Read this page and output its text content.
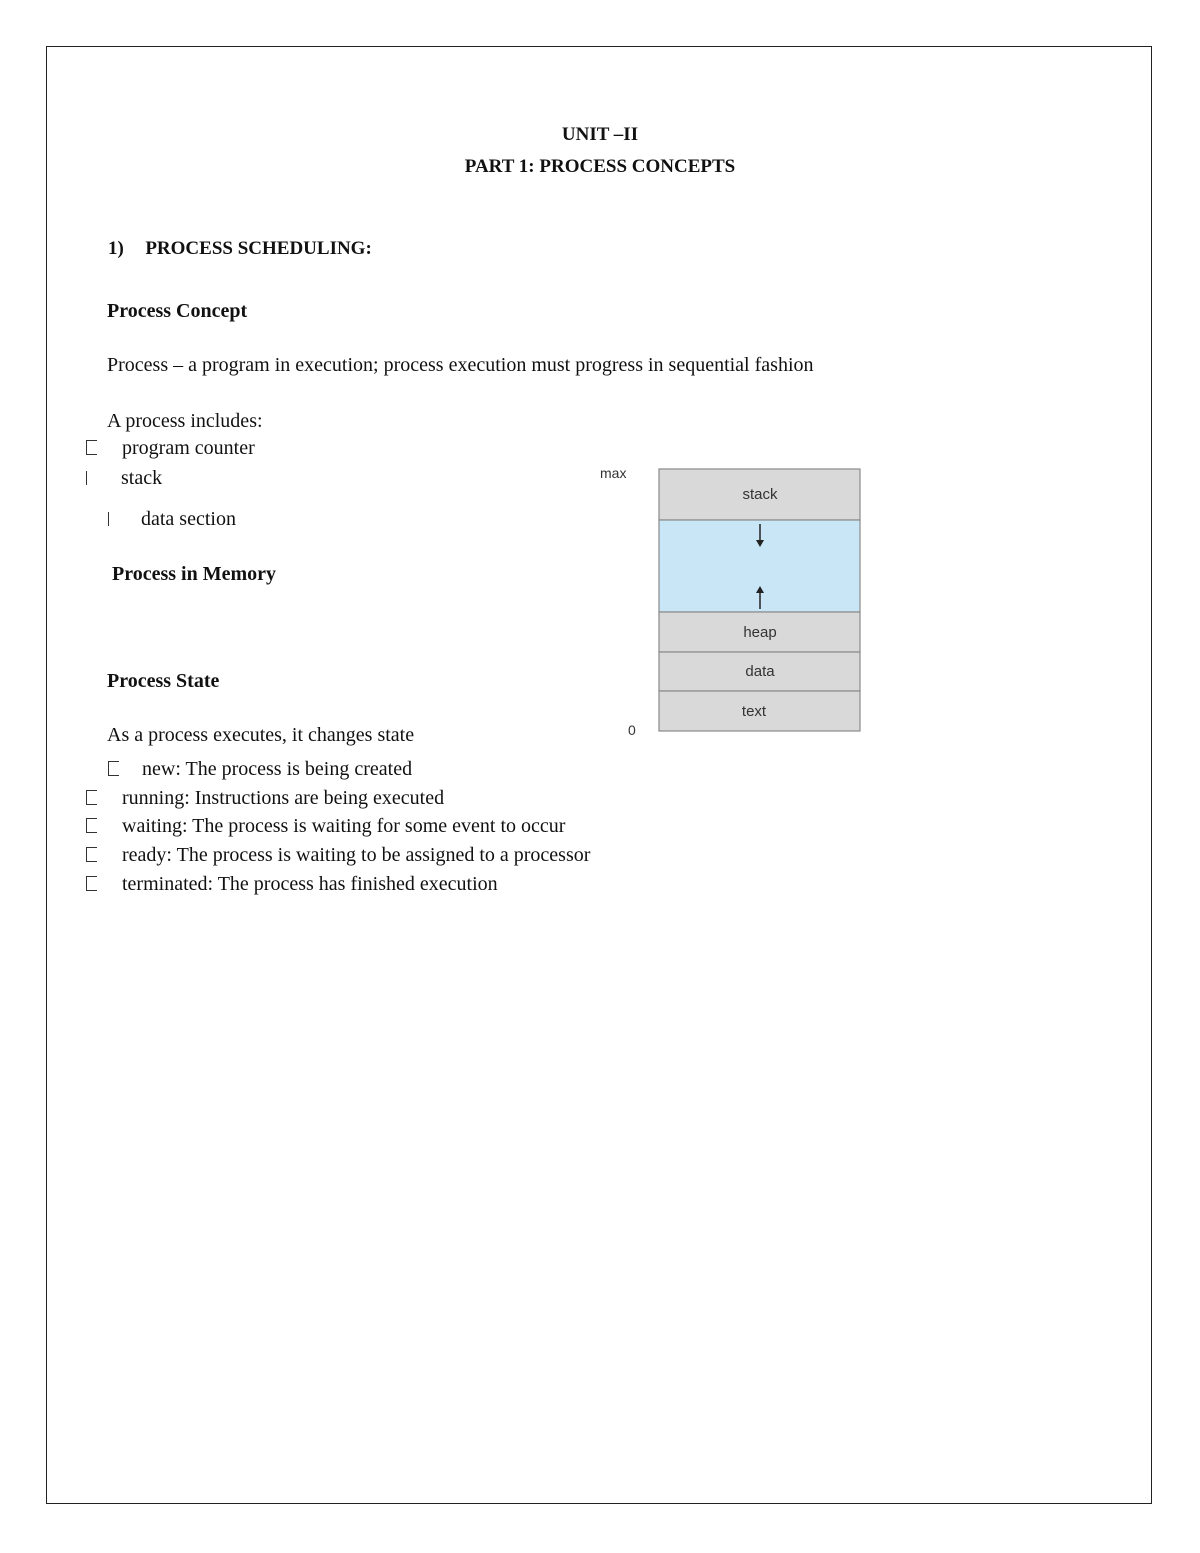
UNIT –II
PART 1: PROCESS CONCEPTS
1) PROCESS SCHEDULING:
Process Concept
Process – a program in execution; process execution must progress in sequential fashion
A process includes:
program counter
stack
data section
Process in Memory
Process State
As a process executes, it changes state
new: The process is being created
running: Instructions are being executed
waiting: The process is waiting for some event to occur
ready: The process is waiting to be assigned to a processor
terminated: The process has finished execution
max
0
stack
heap
data
text
